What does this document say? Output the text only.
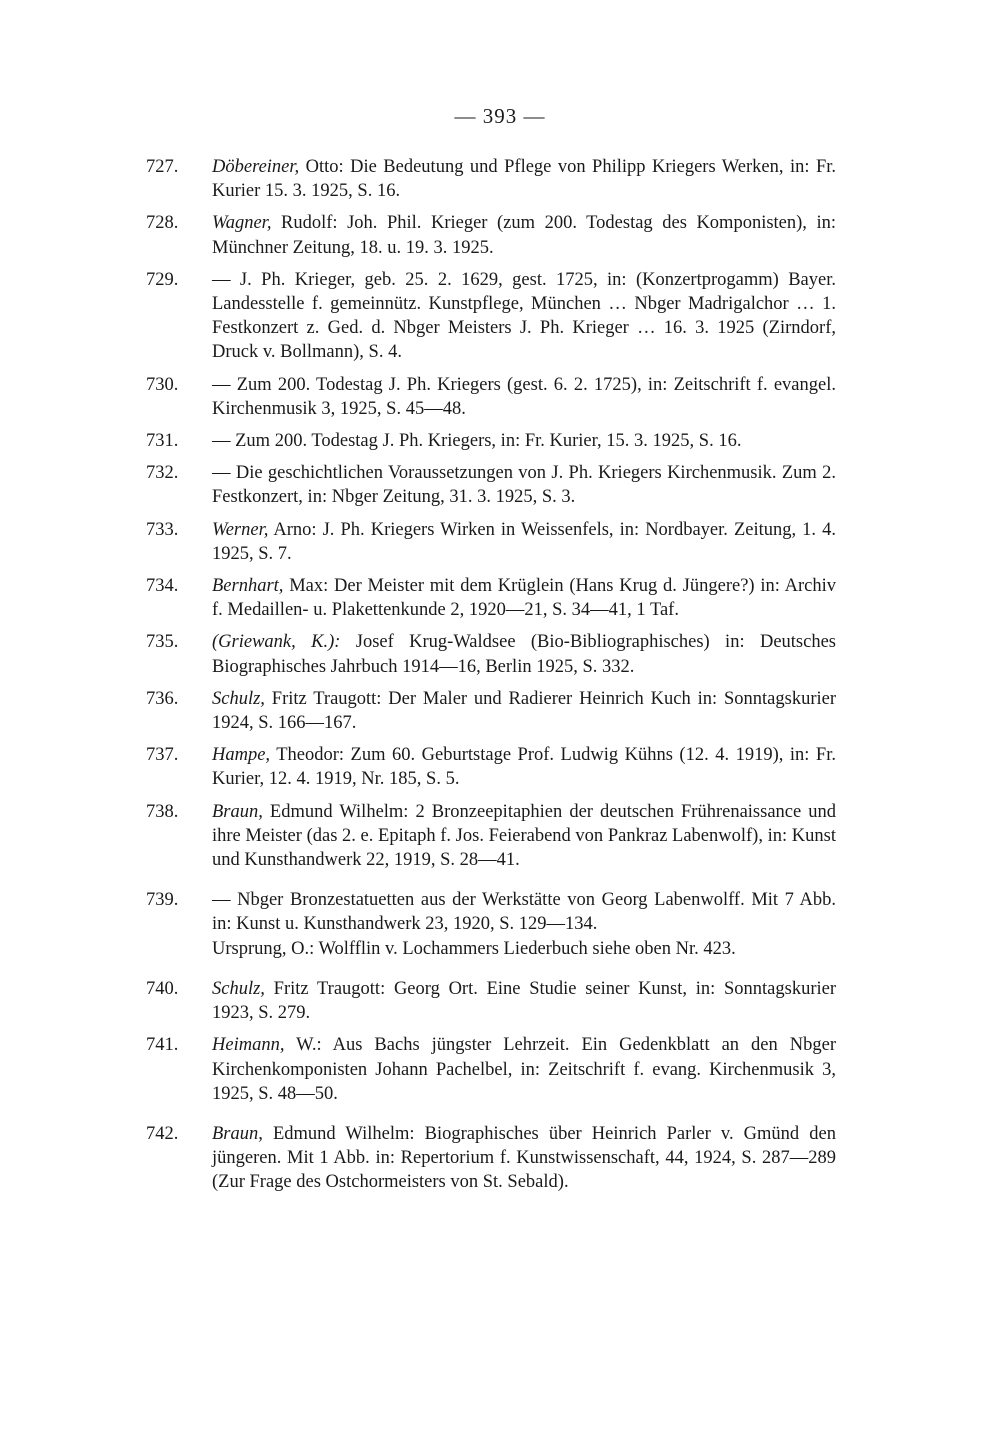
— 393 —
727. Döbereiner, Otto: Die Bedeutung und Pflege von Philipp Kriegers Werken, in: Fr. Kurier 15. 3. 1925, S. 16.
728. Wagner, Rudolf: Joh. Phil. Krieger (zum 200. Todestag des Komponisten), in: Münchner Zeitung, 18. u. 19. 3. 1925.
729. — J. Ph. Krieger, geb. 25. 2. 1629, gest. 1725, in: (Konzertprogamm) Bayer. Landesstelle f. gemeinnütz. Kunstpflege, München … Nbger Madrigalchor … 1. Festkonzert z. Ged. d. Nbger Meisters J. Ph. Krieger … 16. 3. 1925 (Zirndorf, Druck v. Bollmann), S. 4.
730. — Zum 200. Todestag J. Ph. Kriegers (gest. 6. 2. 1725), in: Zeitschrift f. evangel. Kirchenmusik 3, 1925, S. 45—48.
731. — Zum 200. Todestag J. Ph. Kriegers, in: Fr. Kurier, 15. 3. 1925, S. 16.
732. — Die geschichtlichen Voraussetzungen von J. Ph. Kriegers Kirchenmusik. Zum 2. Festkonzert, in: Nbger Zeitung, 31. 3. 1925, S. 3.
733. Werner, Arno: J. Ph. Kriegers Wirken in Weissenfels, in: Nordbayer. Zeitung, 1. 4. 1925, S. 7.
734. Bernhart, Max: Der Meister mit dem Krüglein (Hans Krug d. Jüngere?) in: Archiv f. Medaillen- u. Plakettenkunde 2, 1920—21, S. 34—41, 1 Taf.
735. (Griewank, K.): Josef Krug-Waldsee (Bio-Bibliographisches) in: Deutsches Biographisches Jahrbuch 1914—16, Berlin 1925, S. 332.
736. Schulz, Fritz Traugott: Der Maler und Radierer Heinrich Kuch in: Sonntagskurier 1924, S. 166—167.
737. Hampe, Theodor: Zum 60. Geburtstage Prof. Ludwig Kühns (12. 4. 1919), in: Fr. Kurier, 12. 4. 1919, Nr. 185, S. 5.
738. Braun, Edmund Wilhelm: 2 Bronzeepitaphien der deutschen Frührenaissance und ihre Meister (das 2. e. Epitaph f. Jos. Feierabend von Pankraz Labenwolf), in: Kunst und Kunsthandwerk 22, 1919, S. 28—41.
739. — Nbger Bronzestatuetten aus der Werkstätte von Georg Labenwolff. Mit 7 Abb. in: Kunst u. Kunsthandwerk 23, 1920, S. 129—134.
Ursprung, O.: Wolfflin v. Lochammers Liederbuch siehe oben Nr. 423.
740. Schulz, Fritz Traugott: Georg Ort. Eine Studie seiner Kunst, in: Sonntagskurier 1923, S. 279.
741. Heimann, W.: Aus Bachs jüngster Lehrzeit. Ein Gedenkblatt an den Nbger Kirchenkomponisten Johann Pachelbel, in: Zeitschrift f. evang. Kirchenmusik 3, 1925, S. 48—50.
742. Braun, Edmund Wilhelm: Biographisches über Heinrich Parler v. Gmünd den jüngeren. Mit 1 Abb. in: Repertorium f. Kunstwissenschaft, 44, 1924, S. 287—289 (Zur Frage des Ostchormeisters von St. Sebald).
